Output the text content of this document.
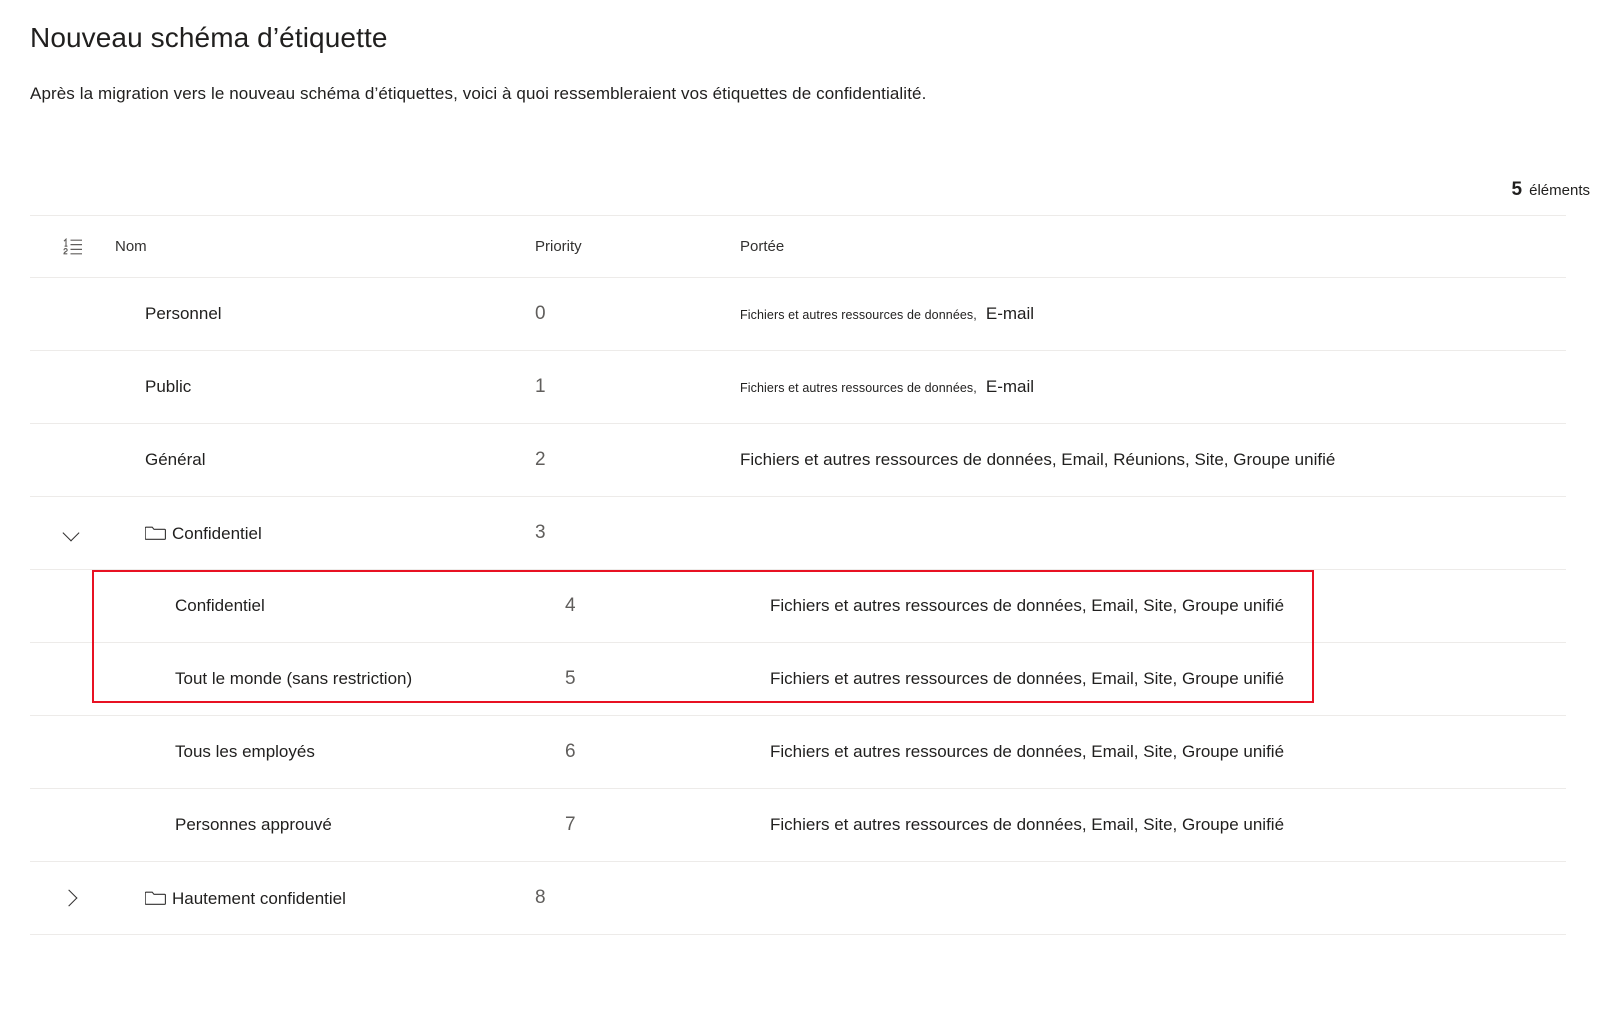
Nouveau schéma d’étiquette

Après la migration vers le nouveau schéma d’étiquettes, voici à quoi ressembleraient vos étiquettes de confidentialité.

5 éléments
Nom	Priority	Portée
Personnel	0	Fichiers et autres ressources de données, E-mail
Public	1	Fichiers et autres ressources de données, E-mail
Général	2	Fichiers et autres ressources de données, Email, Réunions, Site, Groupe unifié
Confidentiel	3
Confidentiel	4	Fichiers et autres ressources de données, Email, Site, Groupe unifié
Tout le monde (sans restriction)	5	Fichiers et autres ressources de données, Email, Site, Groupe unifié
Tous les employés	6	Fichiers et autres ressources de données, Email, Site, Groupe unifié
Personnes approuvé	7	Fichiers et autres ressources de données, Email, Site, Groupe unifié
Hautement confidentiel	8
